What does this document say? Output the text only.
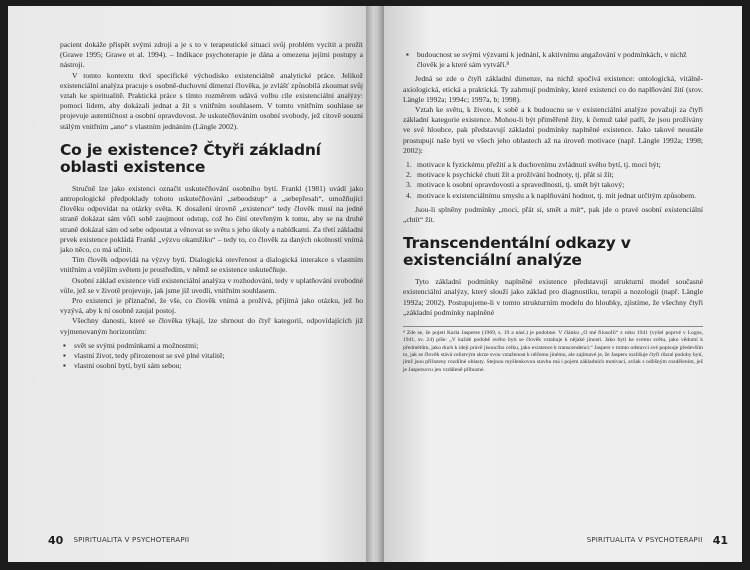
pacient dokáže přispět svými zdroji a je s to v terapeutické situaci svůj problém vycítit a prožít (Grawe 1995; Grawe et al. 1994). – Indikace psychoterapie je dána a omezena jejími postupy a nástroji.

V tomto kontextu tkví specifické východisko existenciálně analytické práce. Jelikož existenciální analýza pracuje s osobně-duchovní dimenzí člověka, je zvlášť způsobilá zkoumat svůj vztah ke spiritualitě. Praktická práce s tímto rozměrem udává volbu cíle existenciální analýzy: pomoci lidem, aby dokázali jednat a žít s vnitřním souhlasem. V tomto vnitřním souhlase se projevuje autentičnost a osobní opravdovost. Je uskutečňováním osobní svobody, jež citově souzní stálým vnitřním „ano“ s vlastním jednáním (Längle 2002).

Co je existence? Čtyři základní oblasti existence

Stručně lze jako existenci označit uskutečňování osobního bytí. Frankl (1981) uvádí jako antropologické předpoklady tohoto uskutečňování „sebeodstup“ a „sebepřesah“, umožňující člověku odpovídat na otázky světa. K dosažení úrovně „existence“ tedy člověk musí na jedné straně dokázat sám vůči sobě zaujmout odstup, což ho činí otevřeným k tomu, aby se na druhé straně dokázal sám od sebe odpoutat a věnovat se světu s jeho úkoly a nabídkami. Za třetí základní prvek existence pokládá Frankl „výzvu okamžiku“ – tedy to, co člověk za daných okolností vnímá jako něco, co má učinit.

Tím člověk odpovídá na výzvy bytí. Dialogická otevřenost a dialogická interakce s vlastním vnitřním a vnějším světem je prostředím, v němž se existence uskutečňuje.

Osobní základ existence vidí existenciální analýza v rozhodování, tedy v uplatňování svobodné vůle, jež se v životě projevuje, jak jsme již uvedli, vnitřním souhlasem.

Pro existenci je příznačné, že vše, co člověk vnímá a prožívá, přijímá jako otázku, jež ho vyzývá, aby k ní osobně zaujal postoj.

Všechny danosti, které se člověka týkají, lze shrnout do čtyř kategorií, odpovídajících již vyjmenovaným horizontům:

▪ svět se svými podmínkami a možnostmi;
▪ vlastní život, tedy přirozenost se své plné vitalitě;
▪ vlastní osobní bytí, bytí sám sebou;
40
SPIRITUALITA V PSYCHOTERAPII
▪ budoucnost se svými výzvami k jednání, k aktivnímu angažování v podmínkách, v nichž člověk je a které sám vytváří.⁸

Jedná se zde o čtyři základní dimenze, na nichž spočívá existence: ontologická, vitálně-axiologická, etická a praktická. Ty zahrnují podmínky, které existenci co do naplňování žití (srov. Längle 1992a; 1994c; 1997a, b; 1998).

Vztah ke světu, k životu, k sobě a k budoucnu se v existenciální analýze považují za čtyři základní kategorie existence. Mohou-li být přiměřeně žity, k čemuž také patří, že jsou prožívány ve své hloubce, pak představují základní podmínky naplněné existence. Jako takové neustále prostupují naše bytí ve všech jeho oblastech až na úroveň motivace (např. Längle 1992a; 1998; 2002):

1. motivace k fyzickému přežití a k duchovnímu zvládnutí svého bytí, tj. moci být;
2. motivace k psychické chuti žít a prožívání hodnoty, tj. přát si žít;
3. motivace k osobní opravdovosti a spravedlnosti, tj. smět být takový;
4. motivace k existenciálnímu smyslu a k naplňování hodnot, tj. mít jednat určitým způsobem.

Jsou-li splněny podmínky „moci, přát si, smět a mít“, pak jde o pravé osobní existenciální „chtít“ žít.

Transcendentální odkazy v existenciální analýze

Tyto základní podmínky naplněné existence představují strukturní model současné existenciální analýzy, který slouží jako základ pro diagnostiku, terapii a nozologii (např. Längle 1992a; 2002). Postupujeme-li v tomto strukturním modelu do hloubky, zjistíme, že všechny čtyři „základní podmínky naplněné

⁸ Zde se, že pojetí Karla Jaspersе (1969, s. 19 a násl.) je podobné. V článku „O mé filosofii“ z roku 1941 (vyšel poprvé v Logos, 1941, sv. 24) píše: „V každé podobě svého bytí se člověk vztahuje k nějaké jinosti. Jako bytí ke svému světu, jako vědomí k předmětům, jako duch k ideji právě jisoucího celku, jako existence k transcendenci.“ Jaspers v tomto odstavci své popisuje především to, jak se člověk stává celistvým skrze svou vztaženost k něčemu jinému, ale zajímavé je, že Jaspers rozlišuje čtyři různé podoby bytí, jimž jsou přiřazeny rozdílné oblasty. Stejnou myšlenkovou stavbu má i pojem základních motivací, avšak s odlišným rozdělením, jež je Jaspersovu jen vzdáleně příbuzné.

SPIRITUALITA V PSYCHOTERAPII
41
